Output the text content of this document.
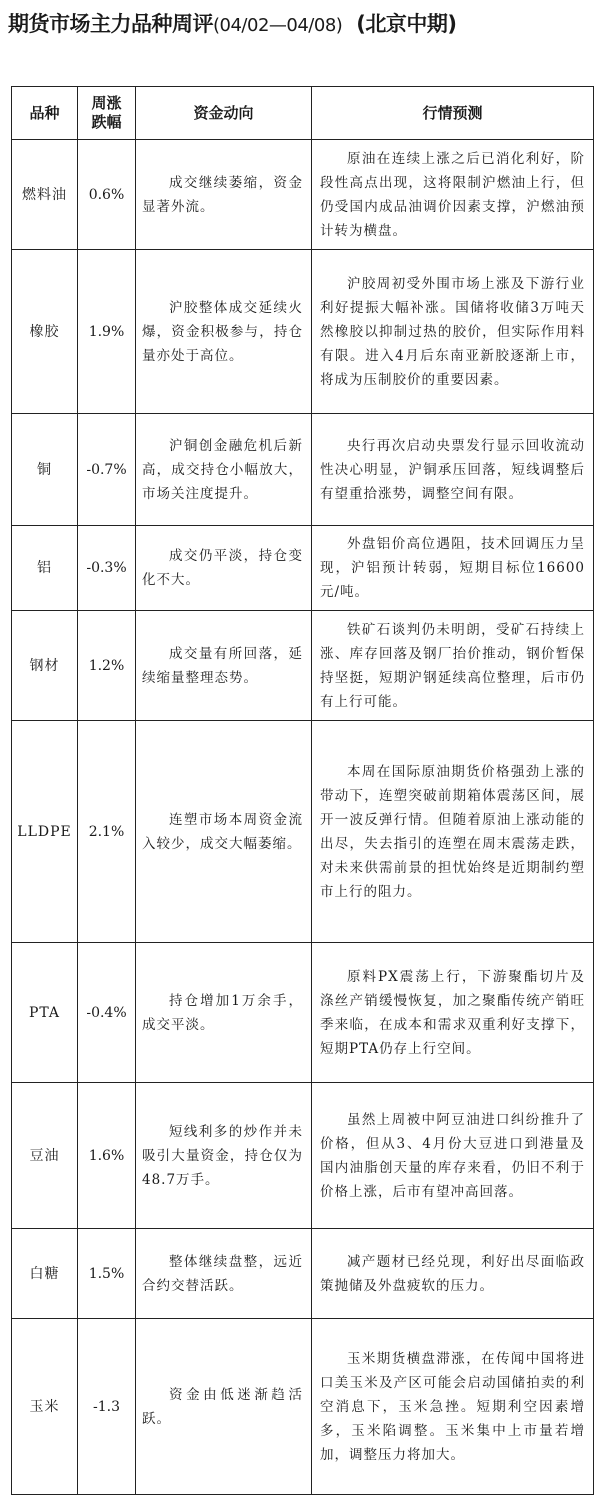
期货市场主力品种周评(04/02—04/08) (北京中期)
品种	周涨跌幅	资金动向	行情预测

燃料油	0.6%	成交继续萎缩，资金显著外流。	原油在连续上涨之后已消化利好，阶段性高点出现，这将限制沪燃油上行，但仍受国内成品油调价因素支撑，沪燃油预计转为横盘。

橡胶	1.9%	沪胶整体成交延续火爆，资金积极参与，持仓量亦处于高位。	沪胶周初受外围市场上涨及下游行业利好提振大幅补涨。国储将收储3万吨天然橡胶以抑制过热的胶价，但实际作用料有限。进入4月后东南亚新胶逐渐上市，将成为压制胶价的重要因素。

铜	-0.7%	沪铜创金融危机后新高，成交持仓小幅放大，市场关注度提升。	央行再次启动央票发行显示回收流动性决心明显，沪铜承压回落，短线调整后有望重拾涨势，调整空间有限。

铝	-0.3%	成交仍平淡，持仓变化不大。	外盘铝价高位遇阻，技术回调压力呈现，沪铝预计转弱，短期目标位16600元/吨。

钢材	1.2%	成交量有所回落，延续缩量整理态势。	铁矿石谈判仍未明朗，受矿石持续上涨、库存回落及钢厂抬价推动，钢价暂保持坚挺，短期沪钢延续高位整理，后市仍有上行可能。

LLDPE	2.1%	连塑市场本周资金流入较少，成交大幅萎缩。	本周在国际原油期货价格强劲上涨的带动下，连塑突破前期箱体震荡区间，展开一波反弹行情。但随着原油上涨动能的出尽，失去指引的连塑在周末震荡走跌，对未来供需前景的担忧始终是近期制约塑市上行的阻力。

PTA	-0.4%	持仓增加1万余手，成交平淡。	原料PX震荡上行，下游聚酯切片及涤丝产销缓慢恢复，加之聚酯传统产销旺季来临，在成本和需求双重利好支撑下，短期PTA仍存上行空间。

豆油	1.6%	短线利多的炒作并未吸引大量资金，持仓仅为48.7万手。	虽然上周被中阿豆油进口纠纷推升了价格，但从3、4月份大豆进口到港量及国内油脂创天量的库存来看，仍旧不利于价格上涨，后市有望冲高回落。

白糖	1.5%	整体继续盘整，远近合约交替活跃。	减产题材已经兑现，利好出尽面临政策抛储及外盘疲软的压力。

玉米	-1.3	资金由低迷渐趋活跃。	玉米期货横盘滞涨，在传闻中国将进口美玉米及产区可能会启动国储拍卖的利空消息下，玉米急挫。短期利空因素增多，玉米陷调整。玉米集中上市量若增加，调整压力将加大。
